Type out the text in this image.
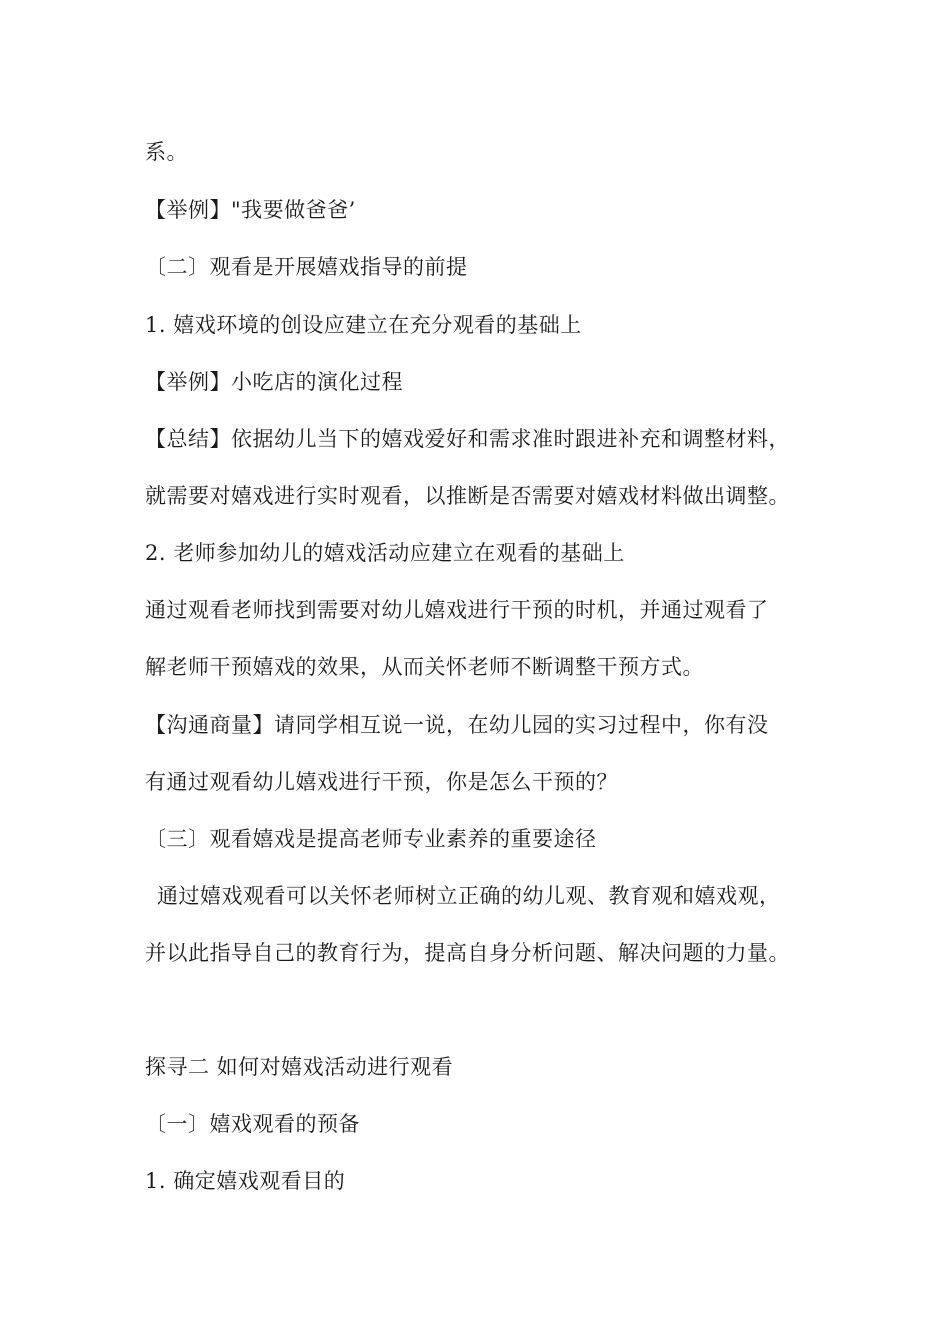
系。
【举例】"我要做爸爸’
〔二〕观看是开展嬉戏指导的前提
1. 嬉戏环境的创设应建立在充分观看的基础上
【举例】小吃店的演化过程
【总结】依据幼儿当下的嬉戏爱好和需求准时跟进补充和调整材料，
就需要对嬉戏进行实时观看，以推断是否需要对嬉戏材料做出调整。
2. 老师参加幼儿的嬉戏活动应建立在观看的基础上
通过观看老师找到需要对幼儿嬉戏进行干预的时机，并通过观看了
解老师干预嬉戏的效果，从而关怀老师不断调整干预方式。
【沟通商量】请同学相互说一说，在幼儿园的实习过程中，你有没
有通过观看幼儿嬉戏进行干预，你是怎么干预的？
〔三〕观看嬉戏是提高老师专业素养的重要途径
通过嬉戏观看可以关怀老师树立正确的幼儿观、教育观和嬉戏观，
并以此指导自己的教育行为，提高自身分析问题、解决问题的力量。
探寻二 如何对嬉戏活动进行观看
〔一〕嬉戏观看的预备
1. 确定嬉戏观看目的
